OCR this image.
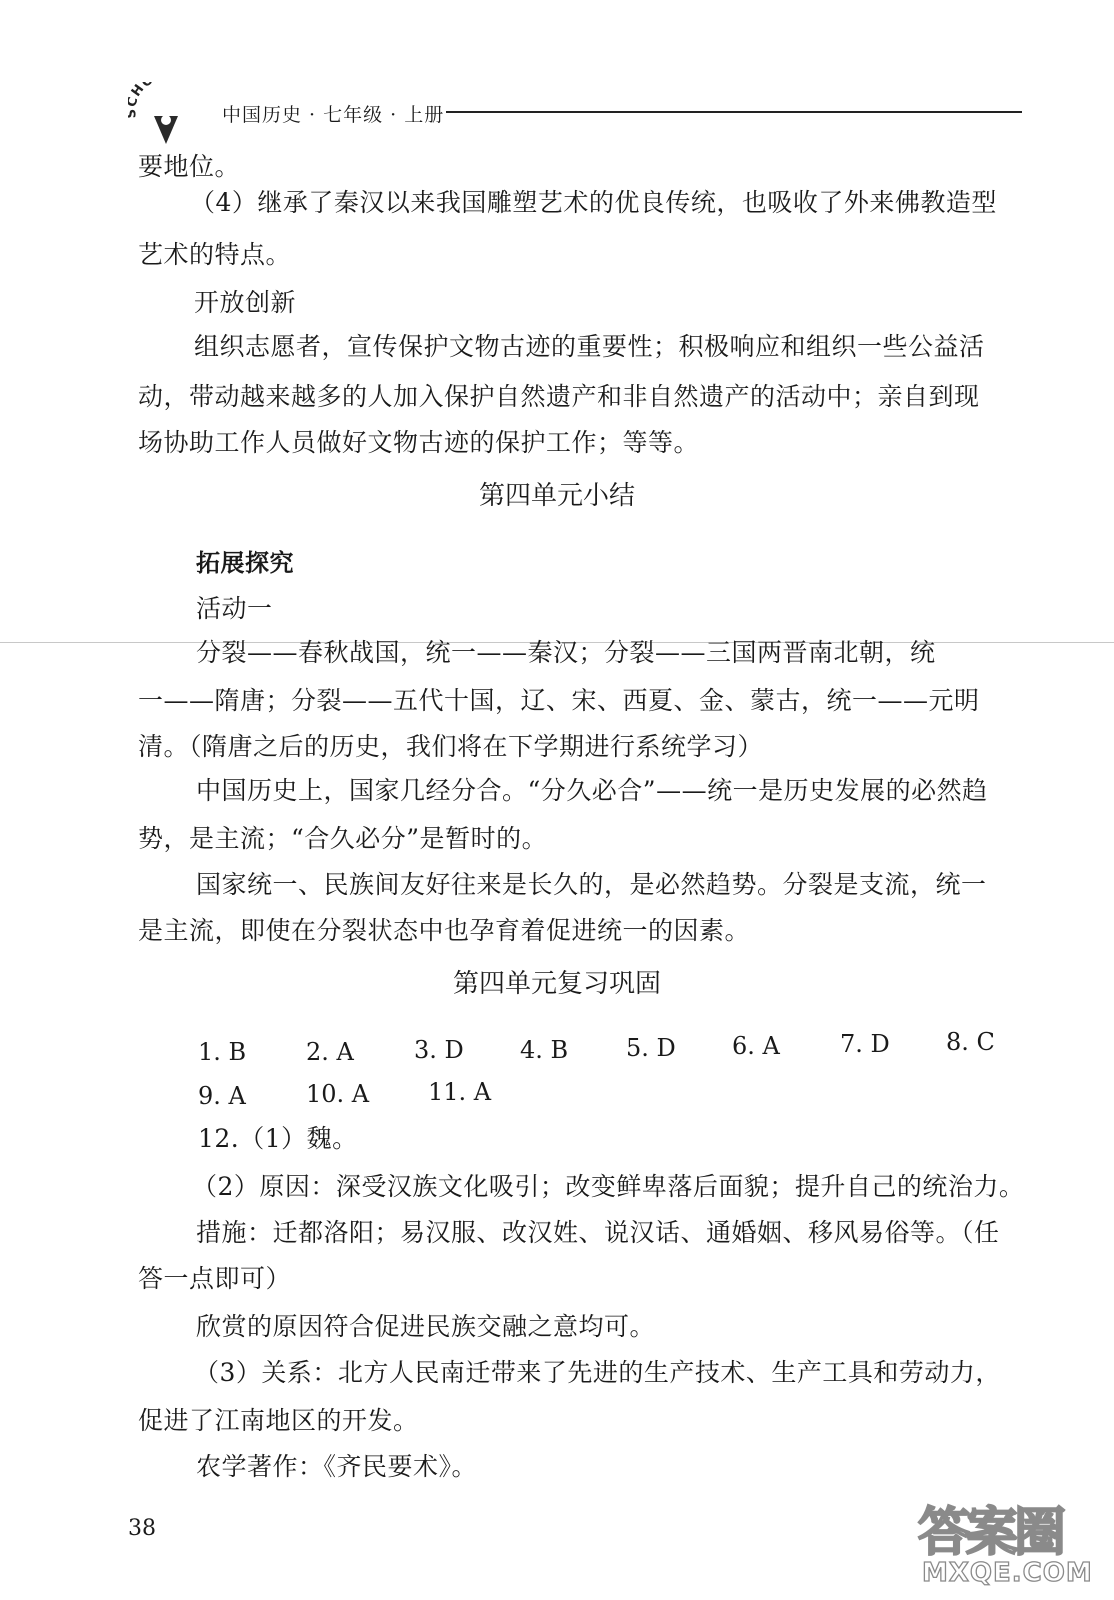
H
中国历史 · 七年级 · 上册
要地位。
（4）继承了秦汉以来我国雕塑艺术的优良传统，也吸收了外来佛教造型
艺术的特点。
开放创新
组织志愿者，宣传保护文物古迹的重要性；积极响应和组织一些公益活
动，带动越来越多的人加入保护自然遗产和非自然遗产的活动中；亲自到现
场协助工作人员做好文物古迹的保护工作；等等。
第四单元小结
拓展探究
活动一
分裂——春秋战国，统一——秦汉；分裂——三国两晋南北朝，统
一——隋唐；分裂——五代十国，辽、宋、西夏、金、蒙古，统一——元明
清。（隋唐之后的历史，我们将在下学期进行系统学习）
中国历史上，国家几经分合。“分久必合”——统一是历史发展的必然趋
势，是主流；“合久必分”是暂时的。
国家统一、民族间友好往来是长久的，是必然趋势。分裂是支流，统一
是主流，即使在分裂状态中也孕育着促进统一的因素。
第四单元复习巩固
1. B 2. A	3. D 4. B 5. D 6. A	7. D 8. C
9. A	10. A 11. A
12.（1）魏。
（2）原因：深受汉族文化吸引；改变鲜卑落后面貌；提升自己的统治力。
措施：迁都洛阳；易汉服、改汉姓、说汉话、通婚姻、移风易俗等。（任
答一点即可）
欣赏的原因符合促进民族交融之意均可。
（3）关系：北方人民南迁带来了先进的生产技术、生产工具和劳动力，
促进了江南地区的开发。
农学著作：《齐民要术》。
38	答案圈
MXQE.COM
